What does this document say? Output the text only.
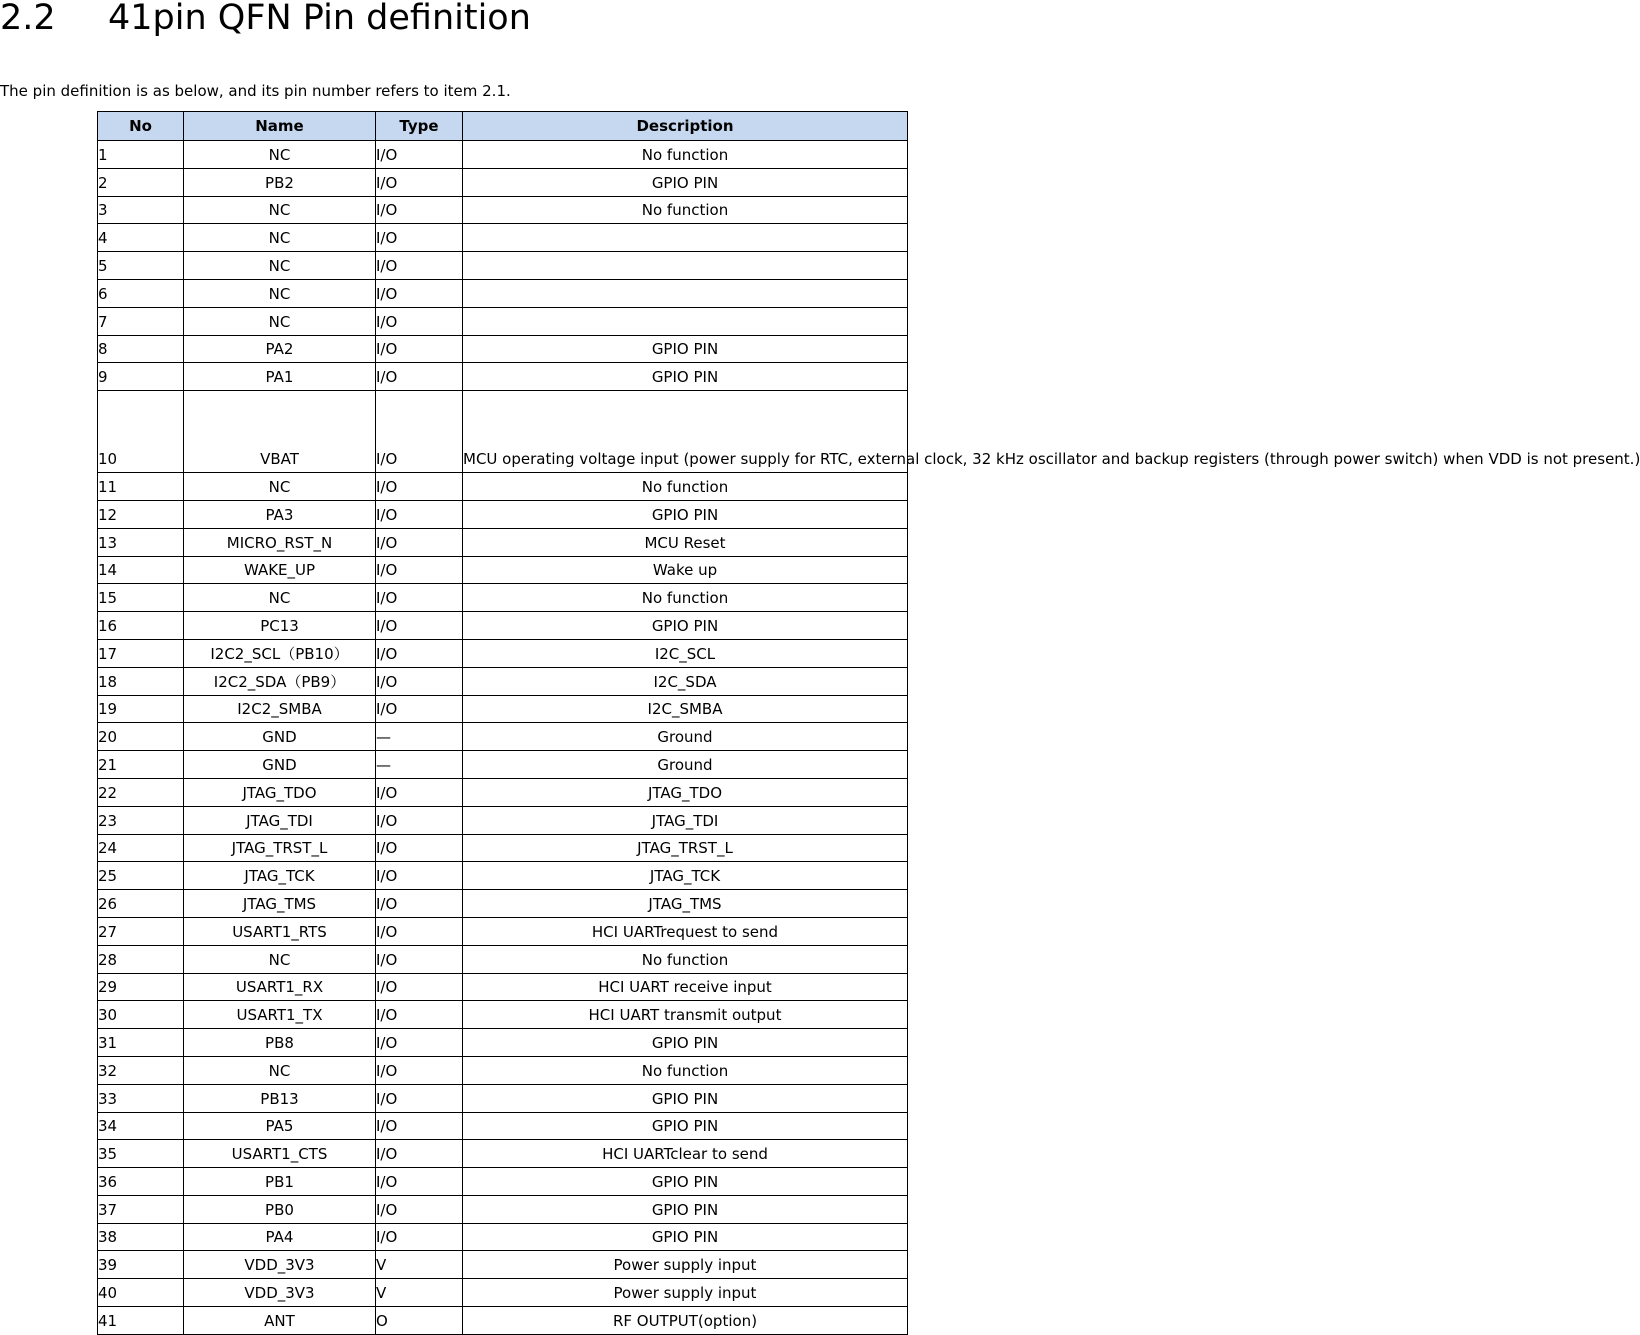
2.2 41pin QFN Pin definition

The pin definition is as below, and its pin number refers to item 2.1.

No	Name	Type	Description
1	NC	I/O	No function
2	PB2	I/O	GPIO PIN
3	NC	I/O	No function
4	NC	I/O	
5	NC	I/O	
6	NC	I/O	
7	NC	I/O	
8	PA2	I/O	GPIO PIN
9	PA1	I/O	GPIO PIN
10	VBAT	I/O	MCU operating voltage input (power supply for RTC, external clock, 32 kHz oscillator and backup registers (through power switch) when VDD is not present.)
11	NC	I/O	No function
12	PA3	I/O	GPIO PIN
13	MICRO_RST_N	I/O	MCU Reset
14	WAKE_UP	I/O	Wake up
15	NC	I/O	No function
16	PC13	I/O	GPIO PIN
17	I2C2_SCL（PB10）	I/O	I2C_SCL
18	I2C2_SDA（PB9）	I/O	I2C_SDA
19	I2C2_SMBA	I/O	I2C_SMBA
20	GND	—	Ground
21	GND	—	Ground
22	JTAG_TDO	I/O	JTAG_TDO
23	JTAG_TDI	I/O	JTAG_TDI
24	JTAG_TRST_L	I/O	JTAG_TRST_L
25	JTAG_TCK	I/O	JTAG_TCK
26	JTAG_TMS	I/O	JTAG_TMS
27	USART1_RTS	I/O	HCI UARTrequest to send
28	NC	I/O	No function
29	USART1_RX	I/O	HCI UART receive input
30	USART1_TX	I/O	HCI UART transmit output
31	PB8	I/O	GPIO PIN
32	NC	I/O	No function
33	PB13	I/O	GPIO PIN
34	PA5	I/O	GPIO PIN
35	USART1_CTS	I/O	HCI UARTclear to send
36	PB1	I/O	GPIO PIN
37	PB0	I/O	GPIO PIN
38	PA4	I/O	GPIO PIN
39	VDD_3V3	V	Power supply input
40	VDD_3V3	V	Power supply input
41	ANT	O	RF OUTPUT(option)
